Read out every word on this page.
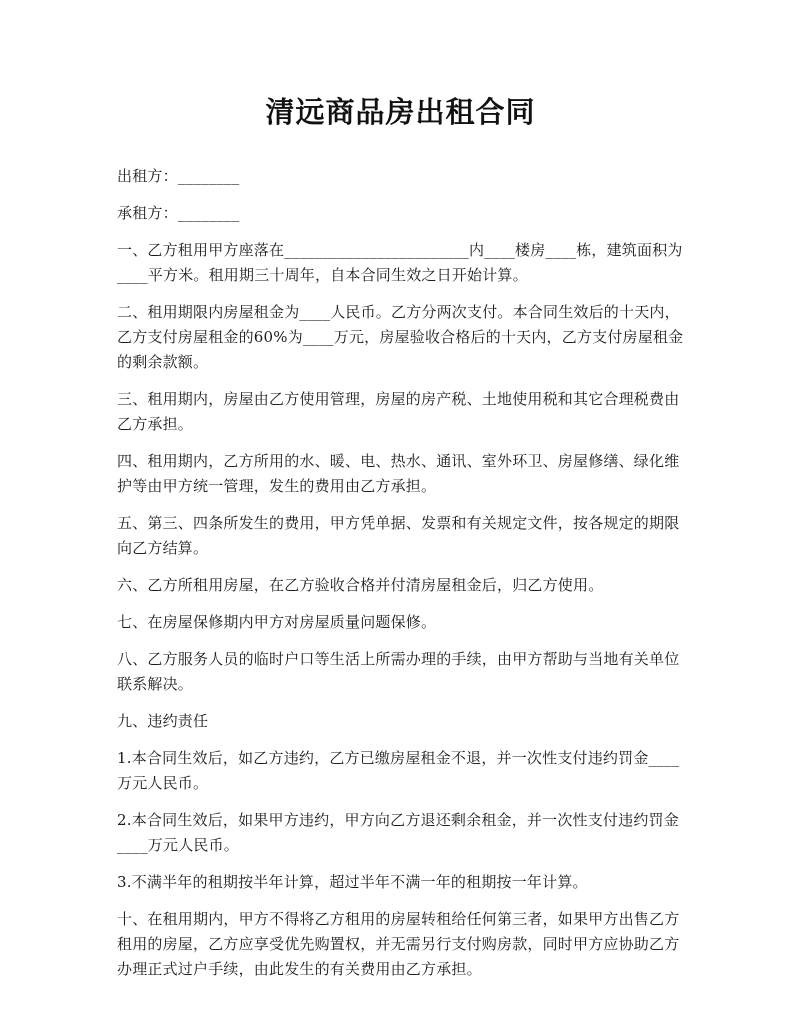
清远商品房出租合同

出租方：________

承租方：________

一、乙方租用甲方座落在________________________内____楼房____栋，建筑面积为____平方米。租用期三十周年，自本合同生效之日开始计算。

二、租用期限内房屋租金为____人民币。乙方分两次支付。本合同生效后的十天内，乙方支付房屋租金的60%为____万元，房屋验收合格后的十天内，乙方支付房屋租金的剩余款额。

三、租用期内，房屋由乙方使用管理，房屋的房产税、土地使用税和其它合理税费由乙方承担。

四、租用期内，乙方所用的水、暖、电、热水、通讯、室外环卫、房屋修缮、绿化维护等由甲方统一管理，发生的费用由乙方承担。

五、第三、四条所发生的费用，甲方凭单据、发票和有关规定文件，按各规定的期限向乙方结算。

六、乙方所租用房屋，在乙方验收合格并付清房屋租金后，归乙方使用。

七、在房屋保修期内甲方对房屋质量问题保修。

八、乙方服务人员的临时户口等生活上所需办理的手续，由甲方帮助与当地有关单位联系解决。

九、违约责任

1.本合同生效后，如乙方违约，乙方已缴房屋租金不退，并一次性支付违约罚金____万元人民币。

2.本合同生效后，如果甲方违约，甲方向乙方退还剩余租金，并一次性支付违约罚金____万元人民币。

3.不满半年的租期按半年计算，超过半年不满一年的租期按一年计算。

十、在租用期内，甲方不得将乙方租用的房屋转租给任何第三者，如果甲方出售乙方租用的房屋，乙方应享受优先购置权，并无需另行支付购房款，同时甲方应协助乙方办理正式过户手续，由此发生的有关费用由乙方承担。
